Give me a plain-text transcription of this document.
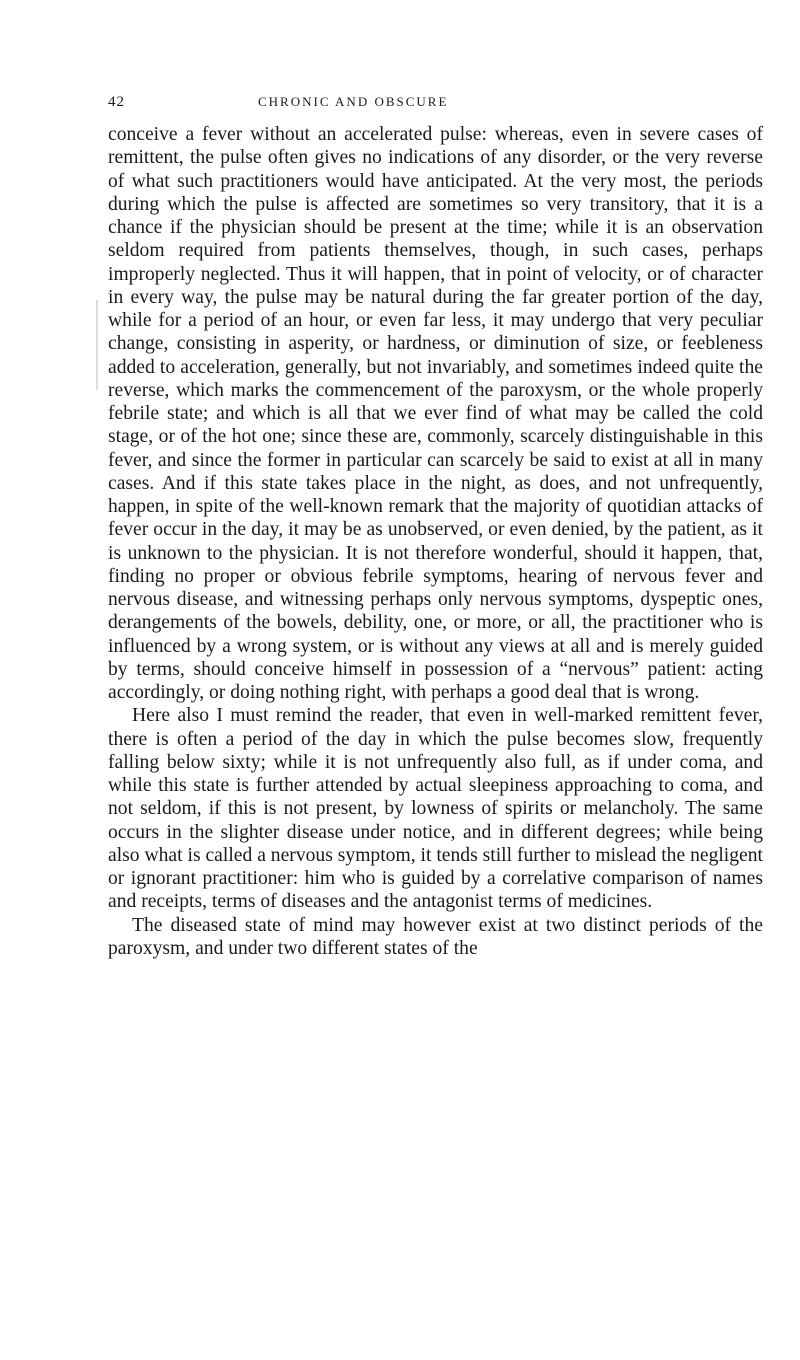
42	CHRONIC AND OBSCURE

conceive a fever without an accelerated pulse: whereas, even in severe cases of remittent, the pulse often gives no indications of any disorder, or the very reverse of what such practitioners would have anticipated. At the very most, the periods during which the pulse is affected are sometimes so very transitory, that it is a chance if the physician should be present at the time; while it is an observation seldom required from patients themselves, though, in such cases, perhaps improperly neglected. Thus it will happen, that in point of velocity, or of character in every way, the pulse may be natural during the far greater portion of the day, while for a period of an hour, or even far less, it may undergo that very peculiar change, consisting in asperity, or hardness, or diminution of size, or feebleness added to acceleration, generally, but not invariably, and sometimes indeed quite the reverse, which marks the commencement of the paroxysm, or the whole properly febrile state; and which is all that we ever find of what may be called the cold stage, or of the hot one; since these are, commonly, scarcely distinguishable in this fever, and since the former in particular can scarcely be said to exist at all in many cases. And if this state takes place in the night, as does, and not unfrequently, happen, in spite of the well-known remark that the majority of quotidian attacks of fever occur in the day, it may be as unobserved, or even denied, by the patient, as it is unknown to the physician. It is not therefore wonderful, should it happen, that, finding no proper or obvious febrile symptoms, hearing of nervous fever and nervous disease, and witnessing perhaps only nervous symptoms, dyspeptic ones, derangements of the bowels, debility, one, or more, or all, the practitioner who is influenced by a wrong system, or is without any views at all and is merely guided by terms, should conceive himself in possession of a “nervous” patient: acting accordingly, or doing nothing right, with perhaps a good deal that is wrong.

Here also I must remind the reader, that even in well-marked remittent fever, there is often a period of the day in which the pulse becomes slow, frequently falling below sixty; while it is not unfrequently also full, as if under coma, and while this state is further attended by actual sleepiness approaching to coma, and not seldom, if this is not present, by lowness of spirits or melancholy. The same occurs in the slighter disease under notice, and in different degrees; while being also what is called a nervous symptom, it tends still further to mislead the negligent or ignorant practitioner: him who is guided by a correlative comparison of names and receipts, terms of diseases and the antagonist terms of medicines.

The diseased state of mind may however exist at two distinct periods of the paroxysm, and under two different states of the
